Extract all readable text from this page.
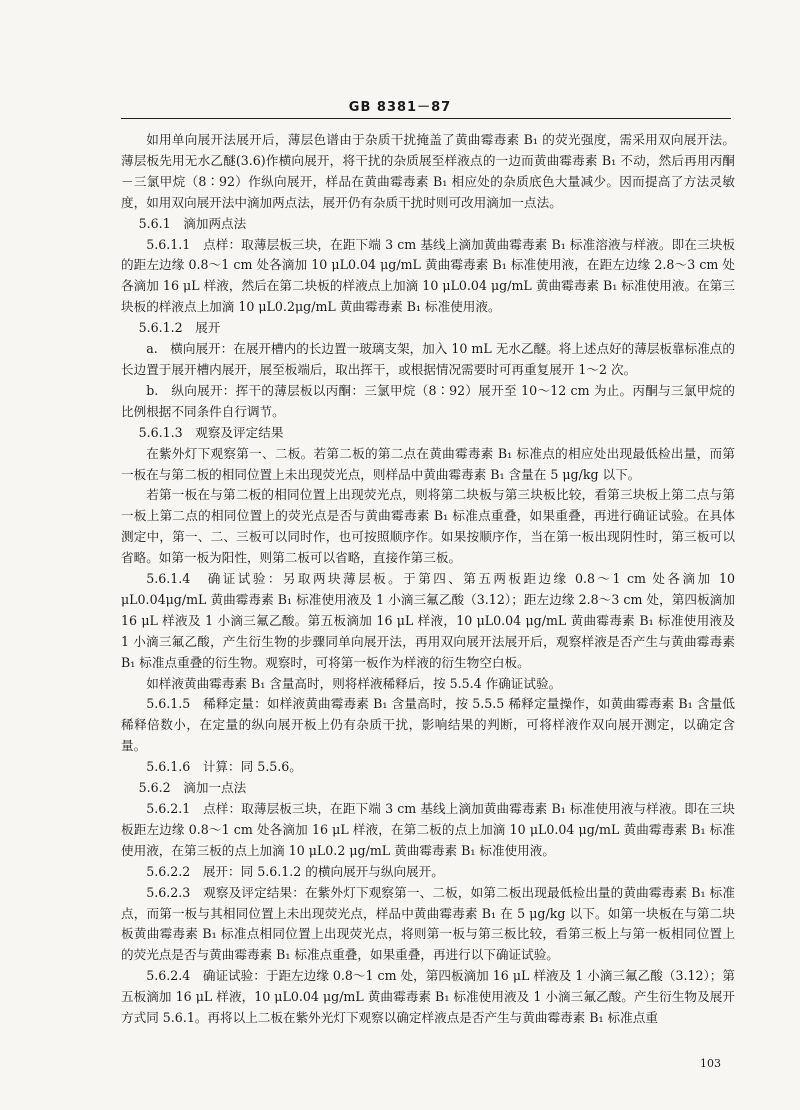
GB 8381－87

如用单向展开法展开后，薄层色谱由于杂质干扰掩盖了黄曲霉毒素 B₁ 的荧光强度，需采用双向展开法。薄层板先用无水乙醚(3.6)作横向展开，将干扰的杂质展至样液点的一边而黄曲霉毒素 B₁ 不动，然后再用丙酮－三氯甲烷（8∶92）作纵向展开，样品在黄曲霉毒素 B₁ 相应处的杂质底色大量减少。因而提高了方法灵敏度，如用双向展开法中滴加两点法，展开仍有杂质干扰时则可改用滴加一点法。

5.6.1　滴加两点法

5.6.1.1　点样：取薄层板三块，在距下端 3 cm 基线上滴加黄曲霉毒素 B₁ 标准溶液与样液。即在三块板的距左边缘 0.8～1 cm 处各滴加 10 μL0.04 μg/mL 黄曲霉毒素 B₁ 标准使用液，在距左边缘 2.8～3 cm 处各滴加 16 μL 样液，然后在第二块板的样液点上加滴 10 μL0.04 μg/mL 黄曲霉毒素 B₁ 标准使用液。在第三块板的样液点上加滴 10 μL0.2μg/mL 黄曲霉毒素 B₁ 标准使用液。

5.6.1.2　展开

a.　横向展开：在展开槽内的长边置一玻璃支架，加入 10 mL 无水乙醚。将上述点好的薄层板靠标准点的长边置于展开槽内展开，展至板端后，取出挥干，或根据情况需要时可再重复展开 1～2 次。

b.　纵向展开：挥干的薄层板以丙酮：三氯甲烷（8∶92）展开至 10～12 cm 为止。丙酮与三氯甲烷的比例根据不同条件自行调节。

5.6.1.3　观察及评定结果

在紫外灯下观察第一、二板。若第二板的第二点在黄曲霉毒素 B₁ 标准点的相应处出现最低检出量，而第一板在与第二板的相同位置上未出现荧光点，则样品中黄曲霉毒素 B₁ 含量在 5 μg/kg 以下。

若第一板在与第二板的相同位置上出现荧光点，则将第二块板与第三块板比较，看第三块板上第二点与第一板上第二点的相同位置上的荧光点是否与黄曲霉毒素 B₁ 标准点重叠，如果重叠，再进行确证试验。在具体测定中，第一、二、三板可以同时作，也可按照顺序作。如果按顺序作，当在第一板出现阴性时，第三板可以省略。如第一板为阳性，则第二板可以省略，直接作第三板。

5.6.1.4　确证试验：另取两块薄层板。于第四、第五两板距边缘 0.8～1 cm 处各滴加 10 μL0.04μg/mL 黄曲霉毒素 B₁ 标准使用液及 1 小滴三氟乙酸（3.12）；距左边缘 2.8～3 cm 处，第四板滴加 16 μL 样液及 1 小滴三氟乙酸。第五板滴加 16 μL 样液，10 μL0.04 μg/mL 黄曲霉毒素 B₁ 标准使用液及 1 小滴三氟乙酸，产生衍生物的步骤同单向展开法，再用双向展开法展开后，观察样液是否产生与黄曲霉毒素 B₁ 标准点重叠的衍生物。观察时，可将第一板作为样液的衍生物空白板。

如样液黄曲霉毒素 B₁ 含量高时，则将样液稀释后，按 5.5.4 作确证试验。

5.6.1.5　稀释定量：如样液黄曲霉毒素 B₁ 含量高时，按 5.5.5 稀释定量操作，如黄曲霉毒素 B₁ 含量低稀释倍数小，在定量的纵向展开板上仍有杂质干扰，影响结果的判断，可将样液作双向展开测定，以确定含量。

5.6.1.6　计算：同 5.5.6。

5.6.2　滴加一点法

5.6.2.1　点样：取薄层板三块，在距下端 3 cm 基线上滴加黄曲霉毒素 B₁ 标准使用液与样液。即在三块板距左边缘 0.8～1 cm 处各滴加 16 μL 样液，在第二板的点上加滴 10 μL0.04 μg/mL 黄曲霉毒素 B₁ 标准使用液，在第三板的点上加滴 10 μL0.2 μg/mL 黄曲霉毒素 B₁ 标准使用液。

5.6.2.2　展开：同 5.6.1.2 的横向展开与纵向展开。

5.6.2.3　观察及评定结果：在紫外灯下观察第一、二板，如第二板出现最低检出量的黄曲霉毒素 B₁ 标准点，而第一板与其相同位置上未出现荧光点，样品中黄曲霉毒素 B₁ 在 5 μg/kg 以下。如第一块板在与第二块板黄曲霉毒素 B₁ 标准点相同位置上出现荧光点，将则第一板与第三板比较，看第三板上与第一板相同位置上的荧光点是否与黄曲霉毒素 B₁ 标准点重叠，如果重叠，再进行以下确证试验。

5.6.2.4　确证试验：于距左边缘 0.8～1 cm 处，第四板滴加 16 μL 样液及 1 小滴三氟乙酸（3.12）；第五板滴加 16 μL 样液，10 μL0.04 μg/mL 黄曲霉毒素 B₁ 标准使用液及 1 小滴三氟乙酸。产生衍生物及展开方式同 5.6.1。再将以上二板在紫外光灯下观察以确定样液点是否产生与黄曲霉毒素 B₁ 标准点重

103
